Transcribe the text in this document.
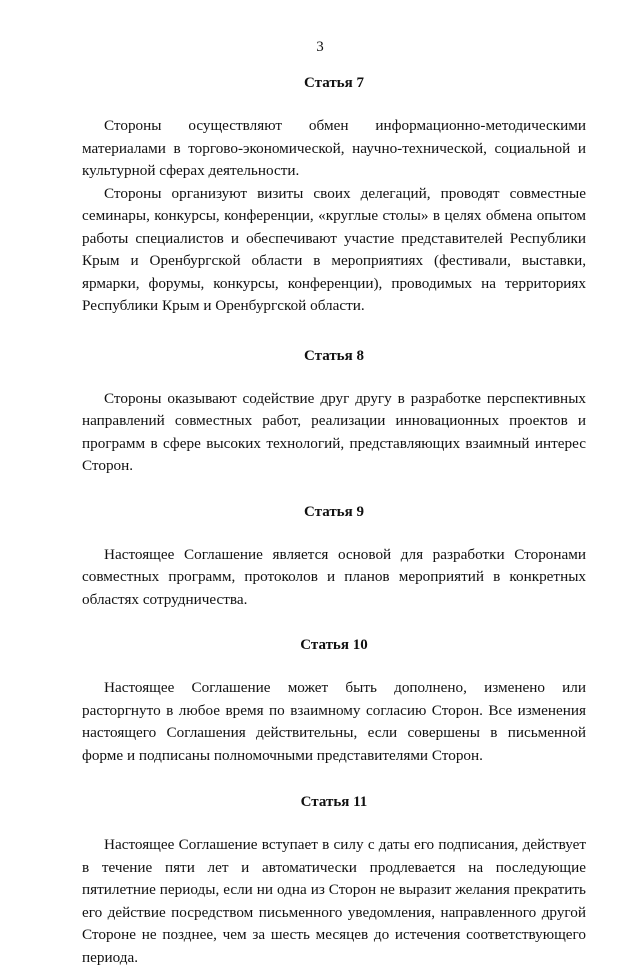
3
Статья 7

Стороны осуществляют обмен информационно-методическими материалами в торгово-экономической, научно-технической, социальной и культурной сферах деятельности.

Стороны организуют визиты своих делегаций, проводят совместные семинары, конкурсы, конференции, «круглые столы» в целях обмена опытом работы специалистов и обеспечивают участие представителей Республики Крым и Оренбургской области в мероприятиях (фестивали, выставки, ярмарки, форумы, конкурсы, конференции), проводимых на территориях Республики Крым и Оренбургской области.

Статья 8

Стороны оказывают содействие друг другу в разработке перспективных направлений совместных работ, реализации инновационных проектов и программ в сфере высоких технологий, представляющих взаимный интерес Сторон.

Статья 9

Настоящее Соглашение является основой для разработки Сторонами совместных программ, протоколов и планов мероприятий в конкретных областях сотрудничества.

Статья 10

Настоящее Соглашение может быть дополнено, изменено или расторгнуто в любое время по взаимному согласию Сторон. Все изменения настоящего Соглашения действительны, если совершены в письменной форме и подписаны полномочными представителями Сторон.

Статья 11

Настоящее Соглашение вступает в силу с даты его подписания, действует в течение пяти лет и автоматически продлевается на последующие пятилетние периоды, если ни одна из Сторон не выразит желания прекратить его действие посредством письменного уведомления, направленного другой Стороне не позднее, чем за шесть месяцев до истечения соответствующего периода.
